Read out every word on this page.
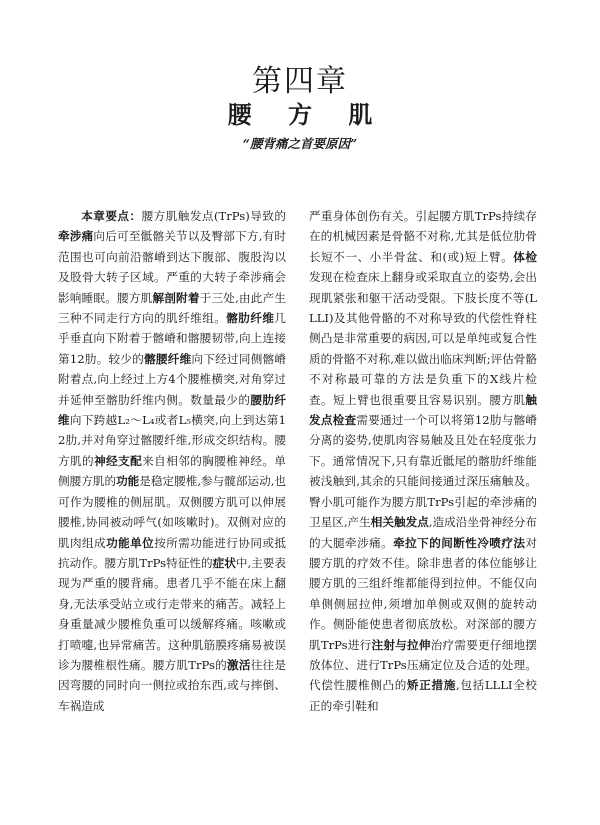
第四章
腰 方 肌
“腰背痛之首要原因”

本章要点：腰方肌触发点(TrPs)导致的牵涉痛向后可至骶髂关节以及臀部下方,有时范围也可向前沿髂嵴到达下腹部、腹股沟以及股骨大转子区域。严重的大转子牵涉痛会影响睡眠。腰方肌解剖附着于三处,由此产生三种不同走行方向的肌纤维组。髂肋纤维几乎垂直向下附着于髂嵴和髂腰韧带,向上连接第12肋。较少的髂腰纤维向下经过同侧髂嵴附着点,向上经过上方4个腰椎横突,对角穿过并延伸至髂肋纤维内侧。数量最少的腰肋纤维向下跨越L₂～L₄或者L₅横突,向上到达第12肋,并对角穿过髂腰纤维,形成交织结构。腰方肌的神经支配来自相邻的胸腰椎神经。单侧腰方肌的功能是稳定腰椎,参与髋部运动,也可作为腰椎的侧屈肌。双侧腰方肌可以伸展腰椎,协同被动呼气(如咳嗽时)。双侧对应的肌肉组成功能单位按所需功能进行协同或抵抗动作。腰方肌TrPs特征性的症状中,主要表现为严重的腰背痛。患者几乎不能在床上翻身,无法承受站立或行走带来的痛苦。减轻上身重量减少腰椎负重可以缓解疼痛。咳嗽或打喷嚏,也异常痛苦。这种肌筋膜疼痛易被误诊为腰椎根性痛。腰方肌TrPs的激活往往是因弯腰的同时向一侧拉或抬东西,或与摔倒、车祸造成

严重身体创伤有关。引起腰方肌TrPs持续存在的机械因素是骨骼不对称,尤其是低位肋骨长短不一、小半骨盆、和(或)短上臂。体检发现在检查床上翻身或采取直立的姿势,会出现肌紧张和躯干活动受限。下肢长度不等(LLLI)及其他骨骼的不对称导致的代偿性脊柱侧凸是非常重要的病因,可以是单纯或复合性质的骨骼不对称,难以做出临床判断;评估骨骼不对称最可靠的方法是负重下的X线片检查。短上臂也很重要且容易识别。腰方肌触发点检查需要通过一个可以将第12肋与髂嵴分离的姿势,使肌肉容易触及且处在轻度张力下。通常情况下,只有靠近骶尾的髂肋纤维能被浅触到,其余的只能间接通过深压痛触及。臀小肌可能作为腰方肌TrPs引起的牵涉痛的卫星区,产生相关触发点,造成沿坐骨神经分布的大腿牵涉痛。牵拉下的间断性冷喷疗法对腰方肌的疗效不佳。除非患者的体位能够让腰方肌的三组纤维都能得到拉伸。不能仅向单侧侧屈拉伸,须增加单侧或双侧的旋转动作。侧卧能使患者彻底放松。对深部的腰方肌TrPs进行注射与拉伸治疗需要更仔细地摆放体位、进行TrPs压痛定位及合适的处理。代偿性腰椎侧凸的矫正措施,包括LLLI全校正的牵引鞋和
